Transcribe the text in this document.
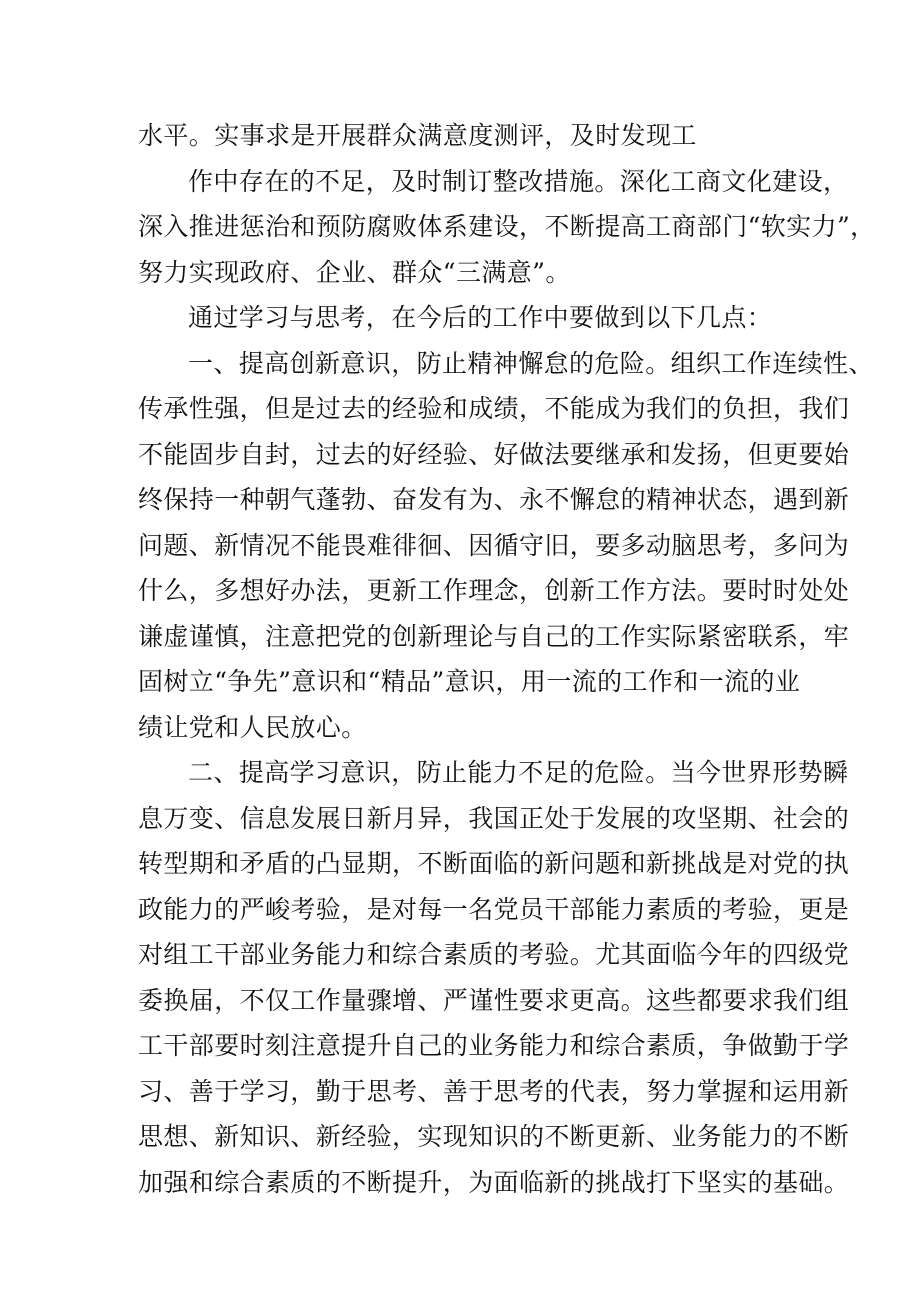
水平。实事求是开展群众满意度测评，及时发现工
作中存在的不足，及时制订整改措施。深化工商文化建设，
深入推进惩治和预防腐败体系建设，不断提高工商部门“软实力”，
努力实现政府、企业、群众“三满意”。
通过学习与思考，在今后的工作中要做到以下几点：
一、提高创新意识，防止精神懈怠的危险。组织工作连续性、
传承性强，但是过去的经验和成绩，不能成为我们的负担，我们
不能固步自封，过去的好经验、好做法要继承和发扬，但更要始
终保持一种朝气蓬勃、奋发有为、永不懈怠的精神状态，遇到新
问题、新情况不能畏难徘徊、因循守旧，要多动脑思考，多问为
什么，多想好办法，更新工作理念，创新工作方法。要时时处处
谦虚谨慎，注意把党的创新理论与自己的工作实际紧密联系，牢
固树立“争先”意识和“精品”意识，用一流的工作和一流的业
绩让党和人民放心。
二、提高学习意识，防止能力不足的危险。当今世界形势瞬
息万变、信息发展日新月异，我国正处于发展的攻坚期、社会的
转型期和矛盾的凸显期，不断面临的新问题和新挑战是对党的执
政能力的严峻考验，是对每一名党员干部能力素质的考验，更是
对组工干部业务能力和综合素质的考验。尤其面临今年的四级党
委换届，不仅工作量骤增、严谨性要求更高。这些都要求我们组
工干部要时刻注意提升自己的业务能力和综合素质，争做勤于学
习、善于学习，勤于思考、善于思考的代表，努力掌握和运用新
思想、新知识、新经验，实现知识的不断更新、业务能力的不断
加强和综合素质的不断提升，为面临新的挑战打下坚实的基础。
